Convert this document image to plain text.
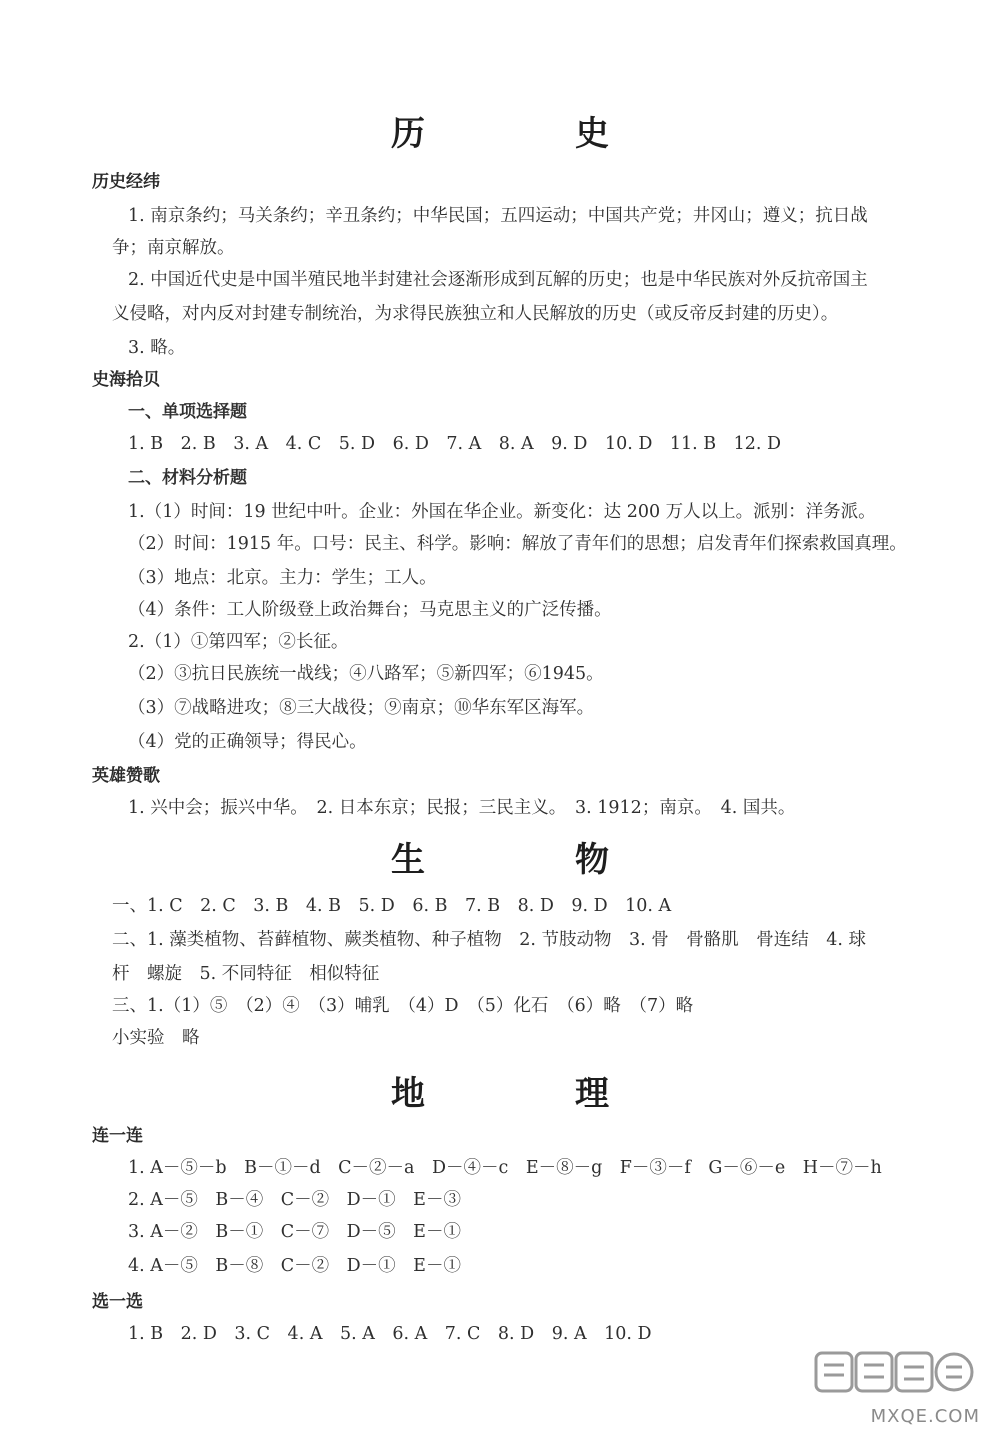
历　史
历史经纬
1. 南京条约；马关条约；辛丑条约；中华民国；五四运动；中国共产党；井冈山；遵义；抗日战
争；南京解放。
2. 中国近代史是中国半殖民地半封建社会逐渐形成到瓦解的历史；也是中华民族对外反抗帝国主
义侵略，对内反对封建专制统治，为求得民族独立和人民解放的历史（或反帝反封建的历史）。
3. 略。
史海拾贝
一、单项选择题
1. B　2. B　3. A　4. C　5. D　6. D　7. A　8. A　9. D　10. D　11. B　12. D
二、材料分析题
1.（1）时间：19 世纪中叶。企业：外国在华企业。新变化：达 200 万人以上。派别：洋务派。
（2）时间：1915 年。口号：民主、科学。影响：解放了青年们的思想；启发青年们探索救国真理。
（3）地点：北京。主力：学生；工人。
（4）条件：工人阶级登上政治舞台；马克思主义的广泛传播。
2.（1）①第四军；②长征。
（2）③抗日民族统一战线；④八路军；⑤新四军；⑥1945。
（3）⑦战略进攻；⑧三大战役；⑨南京；⑩华东军区海军。
（4）党的正确领导；得民心。
英雄赞歌
1. 兴中会；振兴中华。　2. 日本东京；民报；三民主义。　3. 1912；南京。　4. 国共。
生　物
一、1. C　2. C　3. B　4. B　5. D　6. B　7. B　8. D　9. D　10. A
二、1. 藻类植物、苔藓植物、蕨类植物、种子植物　2. 节肢动物　3. 骨　骨骼肌　骨连结　4. 球
杆　螺旋　5. 不同特征　相似特征
三、1.（1）⑤　（2）④　（3）哺乳　（4）D　（5）化石　（6）略　（7）略
小实验　略
地　理
连一连
1. A－⑤－b　B－①－d　C－②－a　D－④－c　E－⑧－g　F－③－f　G－⑥－e　H－⑦－h
2. A－⑤　B－④　C－②　D－①　E－③
3. A－②　B－①　C－⑦　D－⑤　E－①
4. A－⑤　B－⑧　C－②　D－①　E－①
选一选
1. B　2. D　3. C　4. A　5. A　6. A　7. C　8. D　9. A　10. D
MXQE.COM
